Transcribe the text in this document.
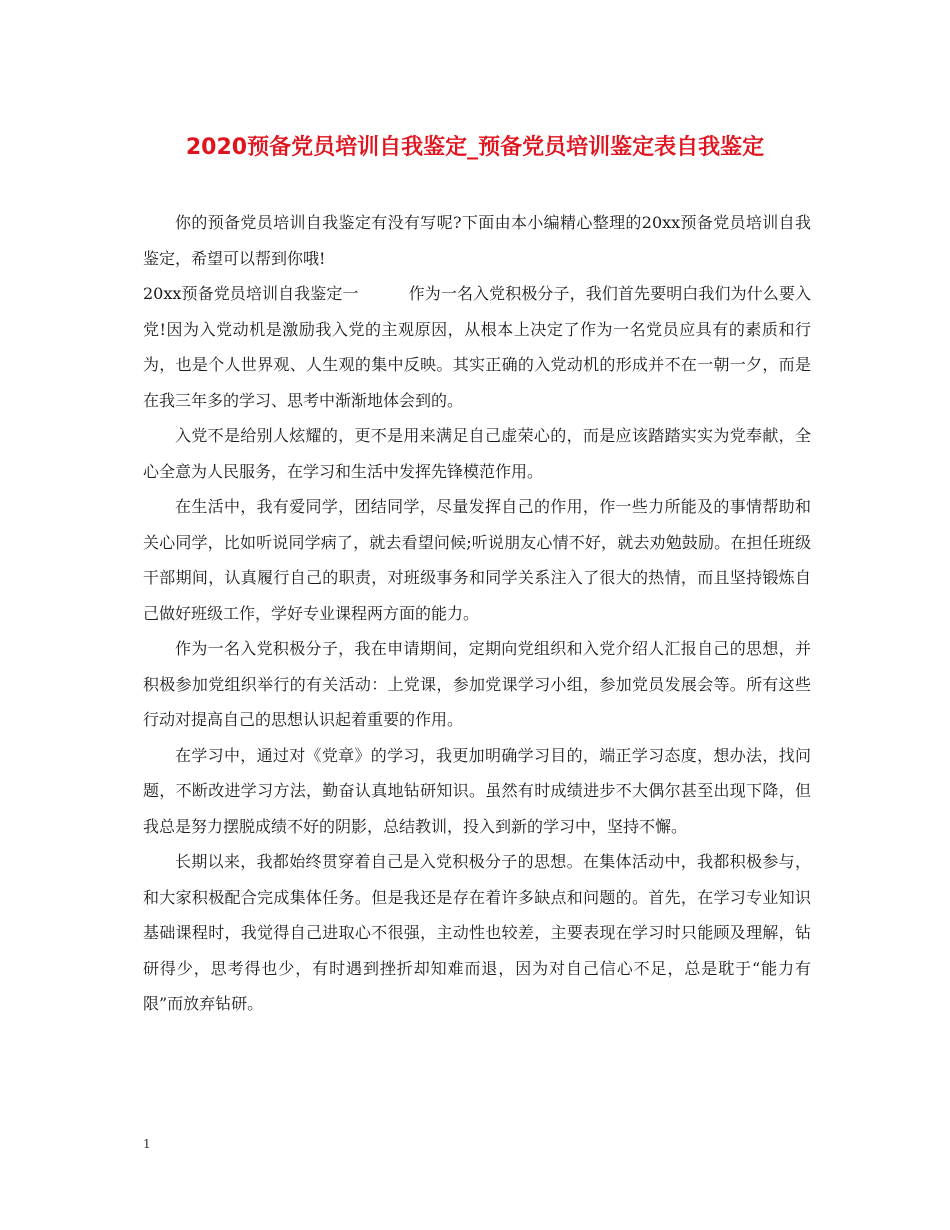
2020预备党员培训自我鉴定_预备党员培训鉴定表自我鉴定

你的预备党员培训自我鉴定有没有写呢?下面由本小编精心整理的20xx预备党员培训自我鉴定，希望可以帮到你哦!

20xx预备党员培训自我鉴定一	作为一名入党积极分子，我们首先要明白我们为什么要入党!因为入党动机是激励我入党的主观原因，从根本上决定了作为一名党员应具有的素质和行为，也是个人世界观、人生观的集中反映。其实正确的入党动机的形成并不在一朝一夕，而是在我三年多的学习、思考中渐渐地体会到的。

入党不是给别人炫耀的，更不是用来满足自己虚荣心的，而是应该踏踏实实为党奉献，全心全意为人民服务，在学习和生活中发挥先锋模范作用。

在生活中，我有爱同学，团结同学，尽量发挥自己的作用，作一些力所能及的事情帮助和关心同学，比如听说同学病了，就去看望问候;听说朋友心情不好，就去劝勉鼓励。在担任班级干部期间，认真履行自己的职责，对班级事务和同学关系注入了很大的热情，而且坚持锻炼自己做好班级工作，学好专业课程两方面的能力。

作为一名入党积极分子，我在申请期间，定期向党组织和入党介绍人汇报自己的思想，并积极参加党组织举行的有关活动：上党课，参加党课学习小组，参加党员发展会等。所有这些行动对提高自己的思想认识起着重要的作用。

在学习中，通过对《党章》的学习，我更加明确学习目的，端正学习态度，想办法，找问题，不断改进学习方法，勤奋认真地钻研知识。虽然有时成绩进步不大偶尔甚至出现下降，但我总是努力摆脱成绩不好的阴影，总结教训，投入到新的学习中，坚持不懈。

长期以来，我都始终贯穿着自己是入党积极分子的思想。在集体活动中，我都积极参与，和大家积极配合完成集体任务。但是我还是存在着许多缺点和问题的。首先，在学习专业知识基础课程时，我觉得自己进取心不很强，主动性也较差，主要表现在学习时只能顾及理解，钻研得少，思考得也少，有时遇到挫折却知难而退，因为对自己信心不足，总是耽于“能力有限”而放弃钻研。

1
